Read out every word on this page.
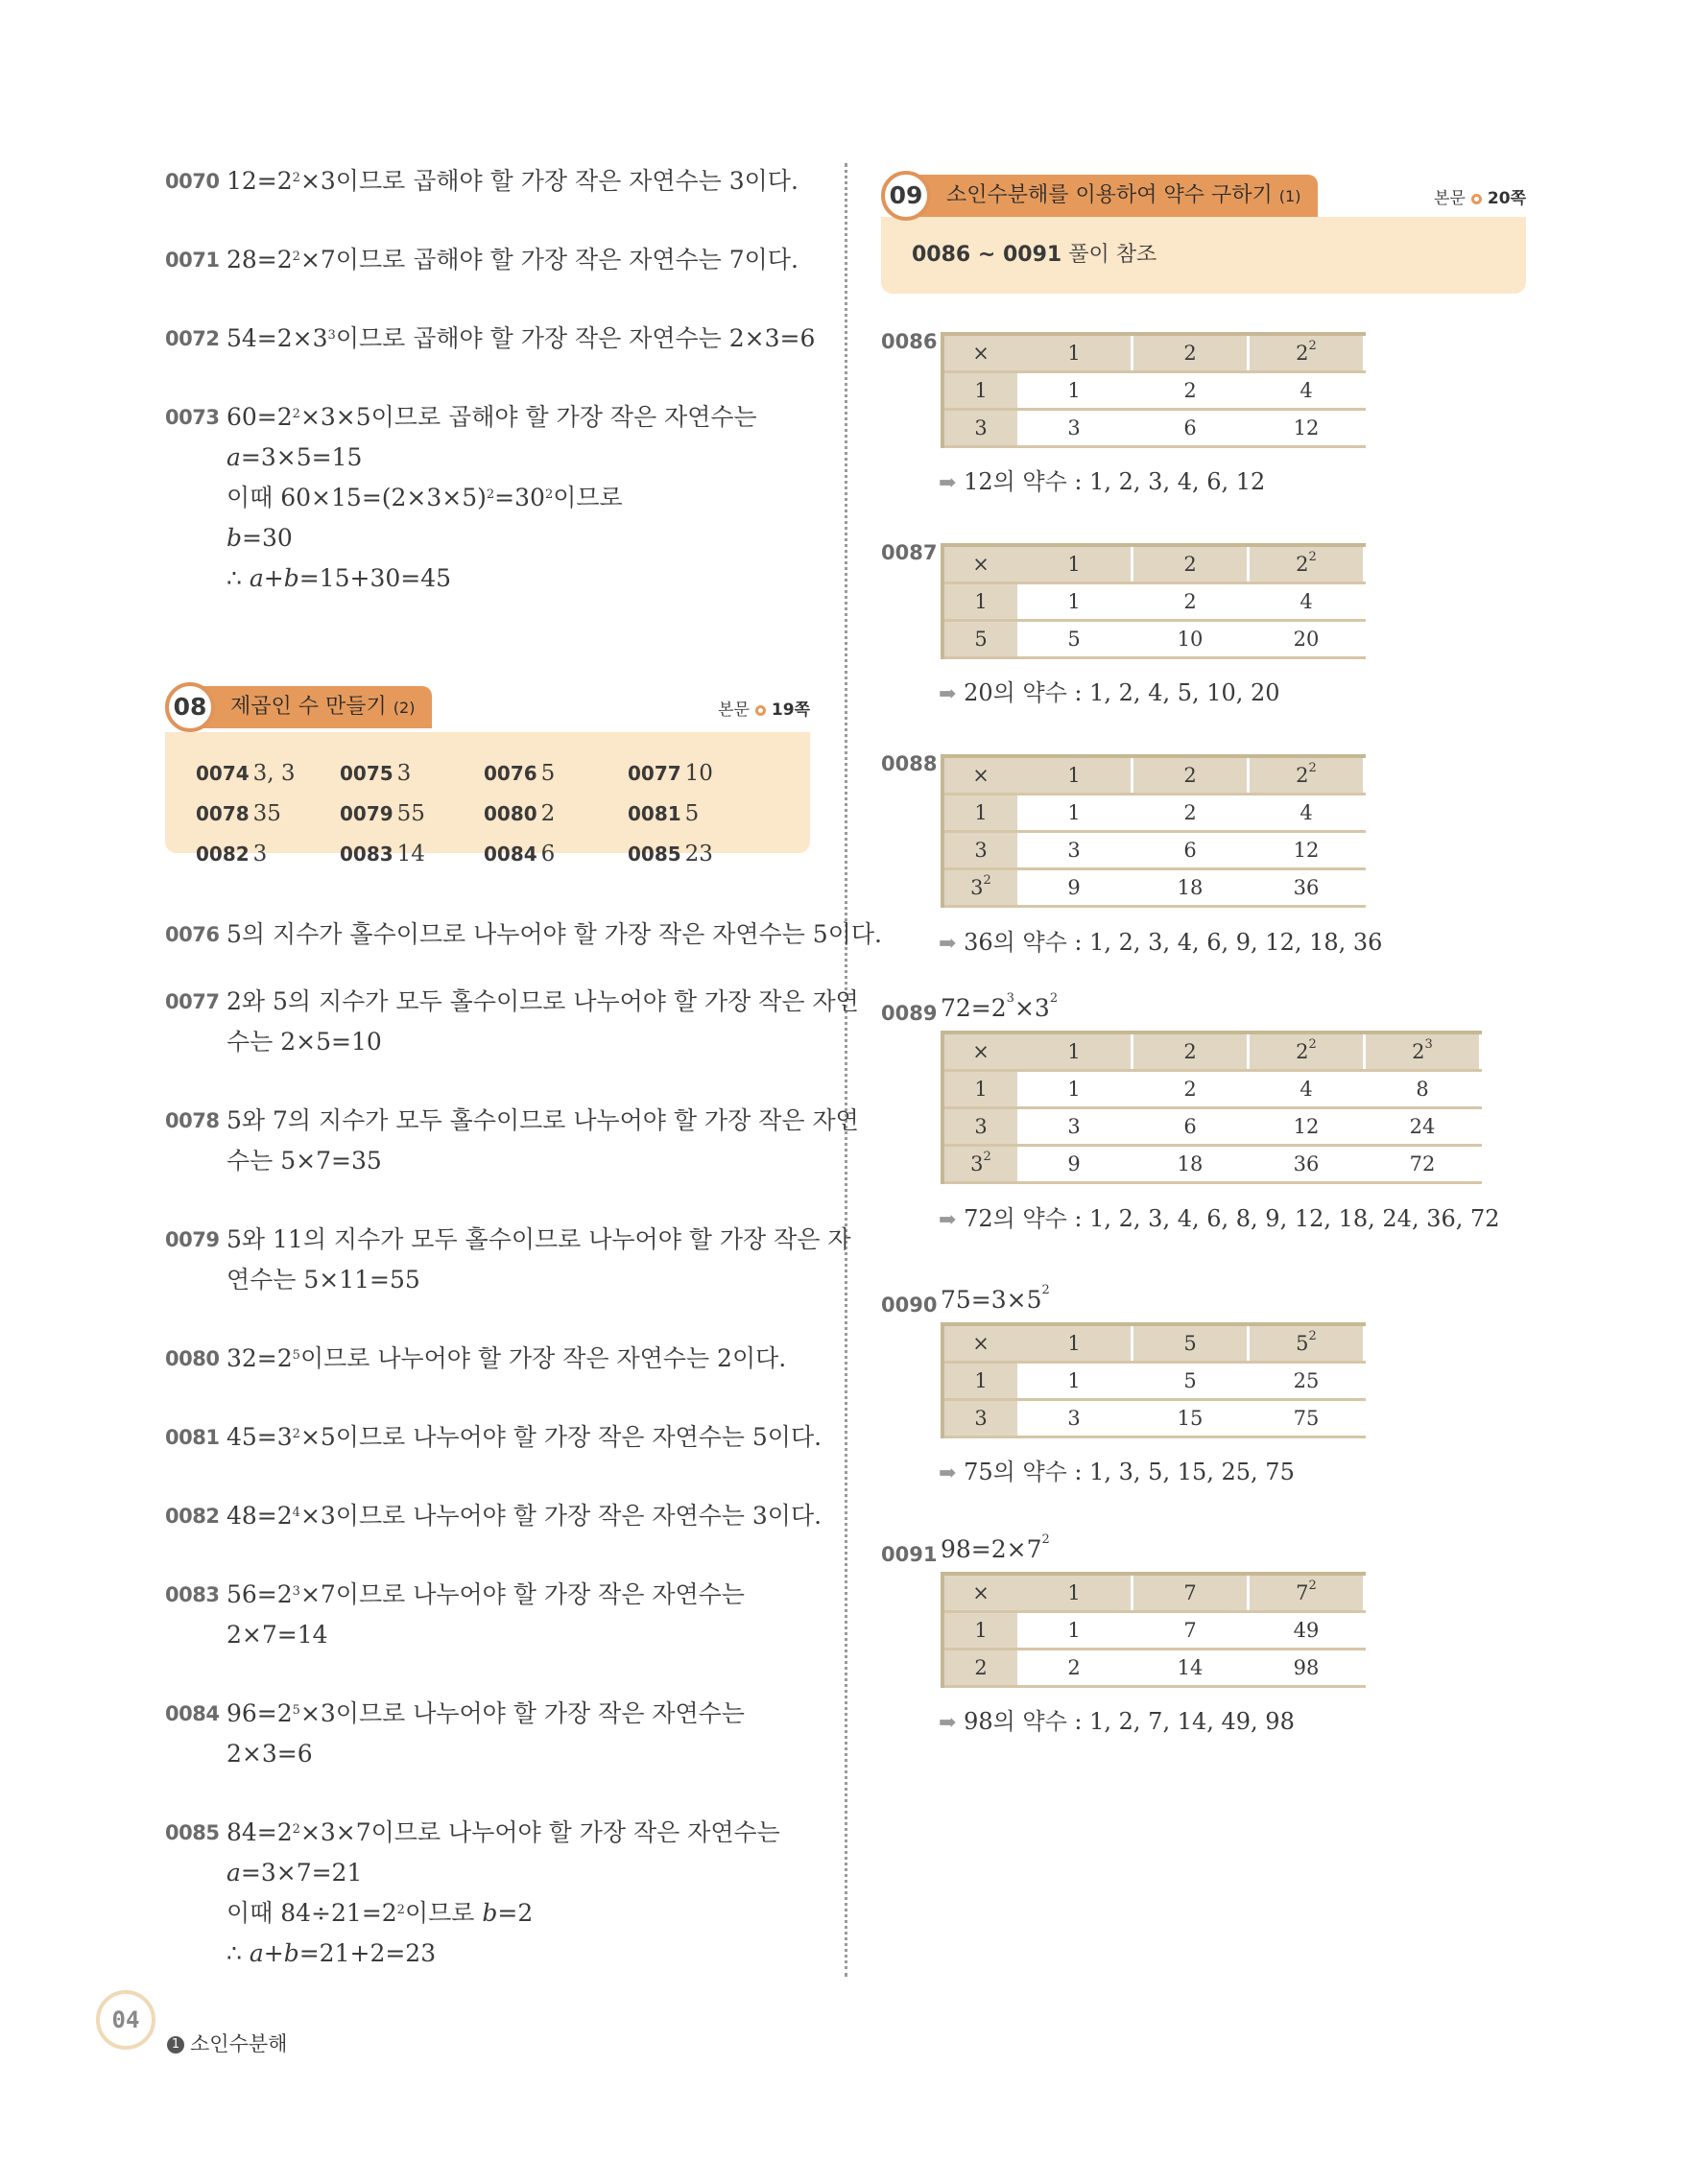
0070 $12=2^2\times 3$이므로 곱해야 할 가장 작은 자연수는 3이다.
0071 $28=2^2\times 7$이므로 곱해야 할 가장 작은 자연수는 7이다.
0072 $54=2\times 3^3$이므로 곱해야 할 가장 작은 자연수는 2×3=6
0073 $60=2^2\times 3\times 5$이므로 곱해야 할 가장 작은 자연수는
a=3×5=15
이때 $60\times 15=(2\times 3\times 5)^2=30^2$이므로
b=30
∴ a+b=15+30=45
08	제곱인 수 만들기 (2)	본문 19쪽
0074 3, 3 0075 3	0076 5	0077 10
0078 35	0079 55	0080 2	0081 5
0082 3	0083 14	0084 6	0085 23
0076 5의 지수가 홀수이므로 나누어야 할 가장 작은 자연수는 5이다.
0077 2와 5의 지수가 모두 홀수이므로 나누어야 할 가장 작은 자연
수는 2×5=10
0078 5와 7의 지수가 모두 홀수이므로 나누어야 할 가장 작은 자연
수는 5×7=35
0079 5와 11의 지수가 모두 홀수이므로 나누어야 할 가장 작은 자
연수는 5×11=55
0080 $32=2^5$이므로 나누어야 할 가장 작은 자연수는 2이다.
0081 $45=3^2\times 5$이므로 나누어야 할 가장 작은 자연수는 5이다.
0082 $48=2^4\times 3$이므로 나누어야 할 가장 작은 자연수는 3이다.
0083 $56=2^3\times 7$이므로 나누어야 할 가장 작은 자연수는
2×7=14
0084 $96=2^5\times 3$이므로 나누어야 할 가장 작은 자연수는
2×3=6
0085 $84=2^2\times 3\times 7$이므로 나누어야 할 가장 작은 자연수는
a=3×7=21
이때 $84\div 21=2^2$이므로 b=2
∴ a+b=21+2=23
09	소인수분해를 이용하여 약수 구하기 (1)	본문 20쪽
0086 ~ 0091 풀이 참조
0086 ×	1	2	$2^2$
1	1	2	4
3	3	6	12
➡ 12의 약수 : 1, 2, 3, 4, 6, 12
0087 ×	1	2	$2^2$
1	1	2	4
5	5	10	20
➡ 20의 약수 : 1, 2, 4, 5, 10, 20
0088 ×	1	2	$2^2$
1	1	2	4
3	3	6	12
$3^2$	9	18	36
➡ 36의 약수 : 1, 2, 3, 4, 6, 9, 12, 18, 36
0089 $72=2^3\times 3^2$
×	1	2	$2^2$	$2^3$
1	1	2	4	8
3	3	6	12	24
$3^2$	9	18	36	72
➡ 72의 약수 : 1, 2, 3, 4, 6, 8, 9, 12, 18, 24, 36, 72
0090 $75=3\times 5^2$
×	1	5	$5^2$
1	1	5	25
3	3	15	75
➡ 75의 약수 : 1, 3, 5, 15, 25, 75
0091 $98=2\times 7^2$
×	1	7	$7^2$
1	1	7	49
2	2	14	98
➡ 98의 약수 : 1, 2, 7, 14, 49, 98
04
1 소인수분해
